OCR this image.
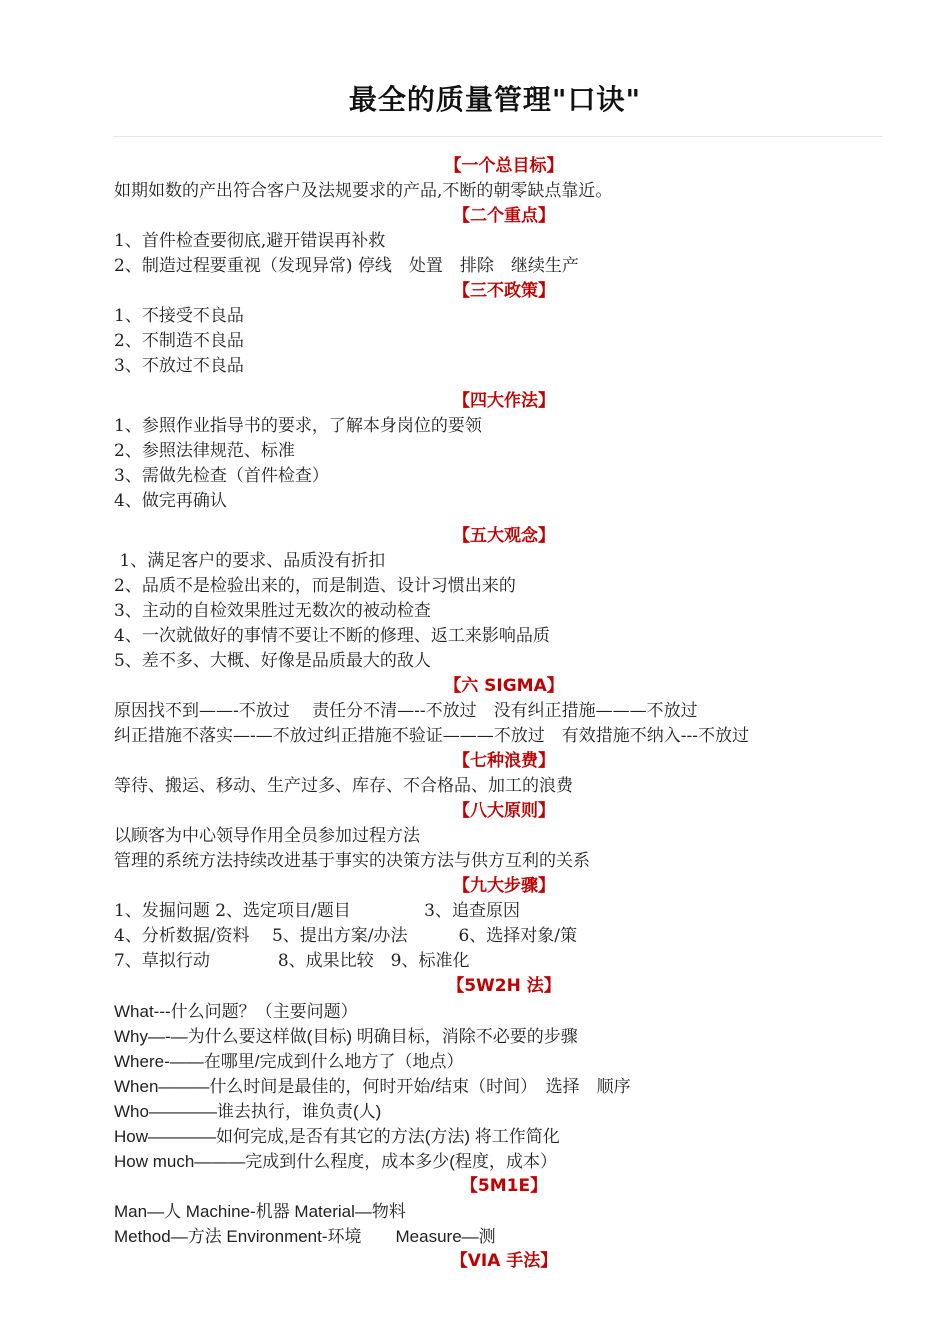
最全的质量管理"口诀"
【一个总目标】
如期如数的产出符合客户及法规要求的产品,不断的朝零缺点靠近。
【二个重点】
1、首件检查要彻底,避开错误再补救
2、制造过程要重视（发现异常) 停线　处置　排除　继续生产
【三不政策】
1、不接受不良品
2、不制造不良品
3、不放过不良品
【四大作法】
1、参照作业指导书的要求，了解本身岗位的要领
2、参照法律规范、标准
3、需做先检查（首件检查）
4、做完再确认
【五大观念】
1、满足客户的要求、品质没有折扣
2、品质不是检验出来的，而是制造、设计习惯出来的
3、主动的自检效果胜过无数次的被动检查
4、一次就做好的事情不要让不断的修理、返工来影响品质
5、差不多、大概、好像是品质最大的敌人
【六 SIGMA】
原因找不到——-不放过　 责任分不清—--不放过　没有纠正措施———不放过
纠正措施不落实—-—不放过纠正措施不验证———不放过　有效措施不纳入---不放过
【七种浪费】
等待、搬运、移动、生产过多、库存、不合格品、加工的浪费
【八大原则】
以顾客为中心领导作用全员参加过程方法
管理的系统方法持续改进基于事实的决策方法与供方互利的关系
【九大步骤】
1、发掘问题 2、选定项目/题目　　　　 3、追查原因
4、分析数据/资料　 5、提出方案/办法　　　6、选择对象/策
7、草拟行动　　　　8、成果比较　9、标准化
【5W2H 法】
What---什么问题？（主要问题）
Why—-—为什么要这样做(目标) 明确目标，消除不必要的步骤
Where-——在哪里/完成到什么地方了（地点）
When———什么时间是最佳的，何时开始/结束（时间）　选择　顺序
Who————谁去执行，谁负责(人)
How————如何完成,是否有其它的方法(方法) 将工作简化
How much———完成到什么程度，成本多少(程度，成本）
【5M1E】
Man—人 Machine-机器 Material—物料
Method—方法 Environment-环境　　Measure—测
【VIA 手法】
